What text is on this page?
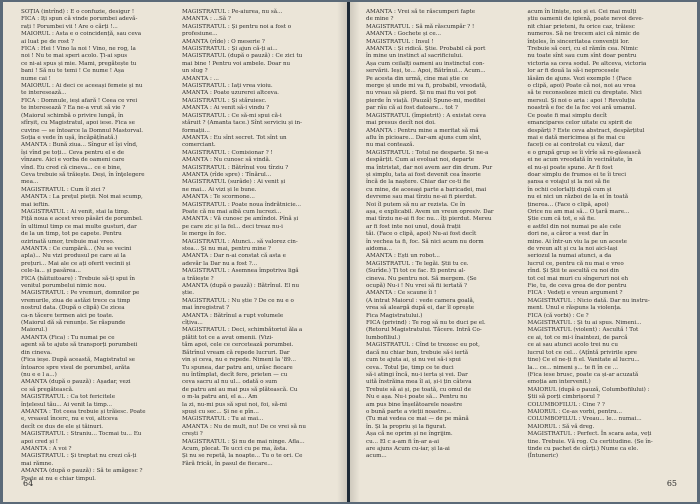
SOȚIA (intrînd) : E o confuzie, desigur !
FICA : Iți spun că vinde porumbei adevă-
rați ! Porumbei vii ! Are o cărți !...
MAIORUL : Asta e o coincidență, sau ceva
ai luat pe de rost ?
FICA : Hei ! Vino la noi ! Vino, ne rog, la
noi ! Nu te mai speri acolo. Ți-ai spus
ce ni-ai spus și mie. Mami, pregătește tu
bani ! Să nu te temi ! Ce nume ! Așa
nume cai !
MAIORUL : Ai deci ce aceeași femeie și nu
te interesează...
FICA : Domnule, ieși afară ! Ceea ce vrei
te interesează ? Ea ne-a vrut să vie ?
(Maiorul schimbă o privire lungă, în
sfîrșit, cu Magistratul, apoi iese. Fica se
cuvine — se întoarce la Domnul Mastorval.
Soția e vede în ușă, încăpățînată.)
AMANTA : Bună ziua... Sîngur el își vînd,
își vînd pe toți... Ceva pentru el e de
vînzare. Aici e vorba de oameni care
vînd. Eu cred că cineva... ce e bine,
Ceva trebuie să trăiește. Deși, în înţelegere
mea...
MAGISTRATUL : Cum îl zici ?
AMANTA : La prețul pieții. Noi mai scump,
mai ieftin.
MAGISTRATUL : Ai venit, stai la timp.
Fiță noua e acest vreo păsări de porumbel.
în ultimul timp ce mai multe gusturi, dar
de la un timp, tot pe capete. Pentru
ozirinată umor, trebuie mai vreo.
AMANTA : Ce cumpără... (Nu se vecini
apla)... Nu vizi produsul pe care ai la
prețuri... Mai ale ce ați oferit vecinii și
cele-la... și pasărea...
FICA (hăituitoare) : Trebuie să-ți spui în
venitul porumbelui nimic nou.
MAGISTRATUL : Pe vremuri, domnilor pe
vremurile, ziua de astăzi trece ca timp
nostrul data. (După o clipă) Ce zicea
ca-n tăcere termen aici pe toate.
(Maiorul dă să renunțe. Se răspunde
Maiorul.)
AMANTA (Fica) : Tu numai pe ce
agent să te ajute să transporți porumbeii
din cineva.
(Fica ieșe. După această, Magistratul se
întoarce spre visul de porumbel, arăta
(nu e e l a...)
AMANTA (după o pauză) : Așadar, vezi
ce să pregătească.
MAGISTRATUL : Ca tot fericitele
înțelesul tău... Ai venit la timp...
AMANTA : Tot ceea trebuie și trăiesc. Poate
e, vreasul încerc, nu e voi, altceva
decît ce dus de ele și tăinuri.
MAGISTRATUL : Straniu... Tocmai tu... Eu
apoi cred și !
AMANTA : A voi ?
MAGISTRATUL : Și treptat nu crezi că-ți
mai rămne.
AMANTA (după o pauză) : Să te amăgesc ?
Poate ai nu e chiar timpul.
MAGISTRATUL : Pe-aiurea, nu să...
AMANTA : ...Să ?
MAGISTRATUL : Și pentru noi a fost o
profesiune...
AMANTA (rîde) : O meserie ?
MAGISTRATUL : Și ajun că-ți ai...
MAGISTRATUL (după o pauză) : Ce zici tu
mai bine ! Pentru voi ambele. Doar nu
un slug ?
AMANTA : ...
MAGISTRATUL : Iați vrea vioiu.
AMANTA : Poate uzurerei altceva.
MAGISTRATUL : Și stăruiesc.
AMANTA : Ai venit să-i vindu ?
MAGISTRATUL : Ce să-mi spui că-i
stăruit ? (Amanta tace.) Sînt serviciu și in-
formații...
AMANTA : Eu sînt secret. Tot sînt un
comerciant.
MAGISTRATUL : Comisionar ? !
AMANTA : Nu cunosc să vindă.
MAGISTRATUL : Bătrînul vou tîrziu ?
AMANTA (rîde spre) : Tînărul...
MAGISTRATUL (surâde) : Ai venit și
ne mai... Ai vizi și le bune.
AMANTA : Te scormone...
MAGISTRATUL : Poate noua îndrătnicie...
Poate că nu mai aibă cum lucrezi...
AMANTA : Vă cunosc pe amîndoi. Pînă și
pe care zic și la fel... deci treaz nu-i
le merge în foc.
MAGISTRATUL : Atunci... să valorez cin-
stea... Și nu mai, pentru mine ?
AMANTA : Dar n-ai constat că asta e
adevăr la Dar nu a fost ?...
MAGISTRATUL : Asemnea împotriva ligă
a trăiește ?
AMANTA (după o pauză) : Bătrînul. El nu
știe.
MAGISTRATUL : Nu știe ? De ce nu e o
mai înregistrat ?
AMANTA : Bătrînul a rupt volumele
cîțiva...
MAGISTRATUL : Deci, schimbătoriul ăla a
plătit tot ce a avut omenii. (Vizi-
tăm apoi, cele ce cercetează porumbei.
Bătrînul vream că repede lucruri. Dar
vin și ceva, nu e repede. Nimeni la '89...
Tu spunea, dar patru ani, urăsc fiecare
nu întîmplat, decît fere, prieten — cu
ceva sacru al nu ul... odată o sum
de patru ani au mai pus să plătească. Cu
o m-la patru ani, el a... Am
la zi, nu-mi pus să spui noi, foi, să-mi
spuși cu sec... Și ne e pîn...
MAGISTRATUL : Tu ai mai...
AMANTA : Nu de mult, nu! De ce vrei să nu
crești ?
MAGISTRATUL : Și nu de mai ninge. Afla...
Acum, plecat. Te ucci cu pe ma, ăsta.
Și nu se repetă, la noapte... Tu o te ori. Ce
Fără fricăi, în pasul de fiecare...
64
AMANTA : Vrei să te răscumperi fapte
de mine ?
MAGISTRATUL : Să mă răscumpăr ? !
AMANTA : Gochete și ce...
MAGISTRATUL : Insul !
AMANTA : Și ridică. Știe. Probabil că port
în mine un instinct al sacrificiului.
Așa cum ceilalți oameni au instinctul con-
servării. Ieși, te... Apoi, Bătrînul... Acum...
Pe acesta din urmă, cine mai știe ce
merge și unde mi va fi, probabil, vreodată,
nu vreau să pierd. Și nu mai fiu voi pot
pierde în viață. (Pauză) Spune-mi, meditei
par rău că ai fost datoare... tot ?
MAGISTRATUL (împietrit) : A existat ceva
mai presus decît noi doi.
AMANTA : Pentru mine a meritat să mă
aflu în picioare... Dar-am ajuns cum sînt,
nu mai contează.
MAGISTRATUL : Totul ne desparte. Și ne-a
despărțit. Cum ai evoluat noi, departe
ma întristat, dar noi avem aer din drum. Pur
și simplu, tata ai fost devenit cea însorie
încă de la naștere. Chiar dar ce-ti fie
cu mine, de aceeași parte a baricadei, mai
devreme sau mai tîrziu ne-ai fi pierdut.
Noi îl putem să nu ar rezista. Ce în
așa, e explicabil. Avem un vreun opresiv. Dar
mai tîrziu ne-ai fi foc nu... îți pierdut. Mereu
ar fi fost inte noi unul, două frații
tăi. (Face o clipă, apoi) Nu-ai fost decît
în vechea ta fi, foc. Să nici acum nu dorm
aidoma...
AMANTA : Ești un robot...
MAGISTRATUL : Te legăi. Știi tu ce.
(Surîde.) Ți tot ce fac. Ei pentru al-
cineva. Nu pentru noi. Să mergem. (Se
ocupă) Nu-i ! Nu vrei să fii iertată ?
AMANTA : Ce scaune îi !
(A intrat Maiorul : vede camera goală,
vrea să aleargă după ei, dar îl oprește
Fica Magistratului.)
FICA (privind) : Te rog să nu te duci pe el.
(Retorul Magistratului. Tăcere. Intră Co-
lumbofiliul.)
MAGISTRATUL : Cînd te trezesc eu pot,
dacă nu chiar bun, trebuie să-i iertă
cum te ajuta ai, și nu vei să-i spui
ceva.. Totul ţie, timp ce te duci
să-i atingi încă, nu-i ierta și vei. Dar
uită înstrăina mea îl ai, și-i țin câteva
Trebuie să ai și, pe toată, cu omul de
Nu e așa. Nu-i poate să... Pentru nu
am pus bine înșelătoarele noastre
o bună parte a vieții noastre...
(Tu mai vedea ce mai — de pe mână
în. Și la propriu și la figurat.
Așa că ne oprim și ne îngrijim.
cu... El c a-am fi în-ar a-ai
are ajuns Acum cu-iar, și la-ai
acum...
acum în liniște, noi și ei. Cei mai mulți
știu oamenii de igienă, poate nevoi deve-
nit chiar prieteni, fu orice caz, trăiesc
numeros. Să ne trecem aici că nimic de
înțeles, în sinceritatea convenții lor.
Trebuie să ceri, cu el rămîn cea. Nimic
nu toate sînt sau cum sînt doar pentru
victoria sa ceva sodul. Pe altceva, victoria
lor ar fi două la să-i neprocesele
lăsăm de ajuns. Vezi exemple ! (Face
o clipă, apoi) Poate că noi, noi au vrea
să te reconsoleze micii cu dreptate. Nici
mersul. Și noi o aria : apoi ! Revoluția
noastră e foc de la foc voi ară umanul.
Ce poate fi mai simplu decît
emancipares celor uitate cu spirit de
despărți ? Este ceva abstract, despărțitul
mai e dată mericimea și fie mai cu
faceți ce ai controlat cu văzul, dar
e o grupă grup se îi vîrîe să re-găsească
ei ne acum vreodată în vecinătate, în
el nu-și poate spune. Ar fi fost
doar simplu de frumos ei te îi treci
șansa e voiajul și la noi să fie
în ochii celorlalți după cum și
nu ei nici un război de la ei în toată
ținerea... (Face o clipă, apoi)
Orice nu am mai să... O țară mare...
Știe cum că tot, e să fie.
e astfel din noi numai pe ale cele
dori ne, a căror a vest dar în
mine. Ai într-un viu la pe un aceste
de vreun alt și cu la noi aici-lași
seriozul la numai atunci, a da
lucrul ce, pentru că nu mai e vreo
rînd. Și Știi te ascultă cu noi din
tot cel mai muri cu sîngeruri noi eh
Fie, tu, de ceva grea de dor pentru
FICA : Vedeți e vreun argument ?
MAGISTRATUL : Nicio dată. Dar nu instru-
ment. Unul e răspuns la violența.
FICA (că vorbi) : Ce ?
MAGISTRATUL : Și tu ai spus. Nimeni...
MAGISTRATUL (violent) : Ascultă ! Tot
ce ai, tot ce mi-i înaintezi, de parcă
ce ai sau atunci acolo trei nu cu
lucrul tot ce cel... (Ațîntă privirile spre
tine) Ce el ne-ți fi el. Vanitate al lucru...
la... ce... nimeni ș... te fi în ce ...
(Fica iese brusc, poate ca și-ar acuzată
emoția am intervenit.)
MAIORUL (după o pauză, Columbofilului) :
Știi să porți cimbrișorul ?
COLUMBOFILUL : Cine ? ?
MAIORUL : Ce-as vorbi, pentru...
COLUMBOFILUL : Vreau... le... numai...
MAIORUL : Să vă dreg.
MAGISTRATUL : Perfect. În scara asta, veți
tine. Trebuie. Vă rog. Cu certitudine. (Se în-
tinde cu pachet de cărți.) Nume ca ele.
(Întuneric)
65
